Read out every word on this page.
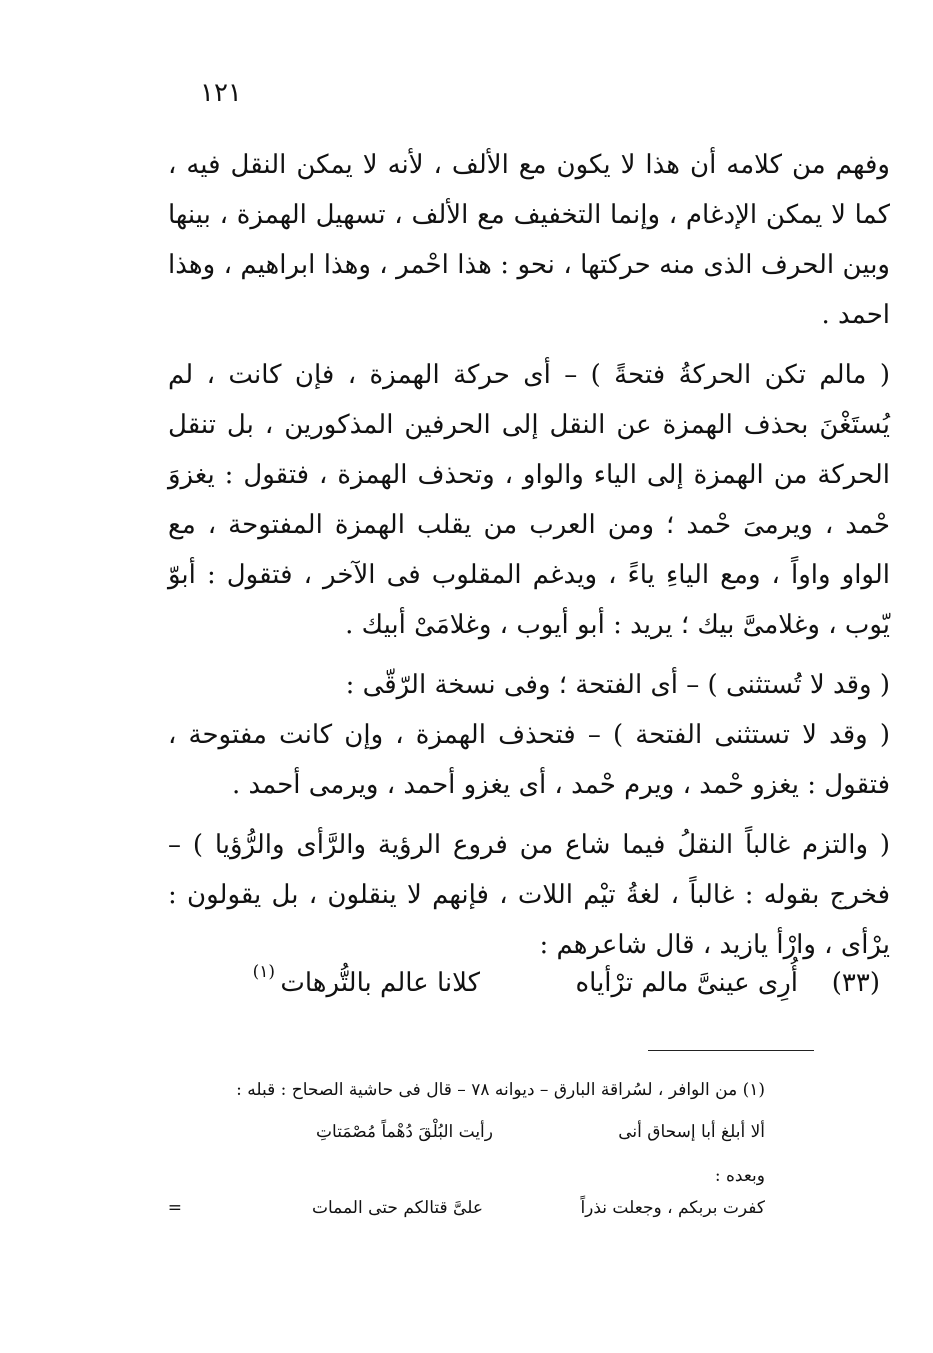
١٢١

وفهم من كلامه أن هذا لا يكون مع الألف ، لأنه لا يمكن النقل فيه ، كما لا يمكن الإدغام ، وإنما التخفيف مع الألف ، تسهيل الهمزة ، بينها وبين الحرف الذى منه حركتها ، نحو : هذا احْمر ، وهذا ابراهيم ، وهذا احمد .

( مالم تكن الحركةُ فتحةً ) – أى حركة الهمزة ، فإن كانت ، لم يُستَغْنَ بحذف الهمزة عن النقل إلى الحرفين المذكورين ، بل تنقل الحركة من الهمزة إلى الياء والواو ، وتحذف الهمزة ، فتقول : يغزوَ حْمد ، ويرمىَ حْمد ؛ ومن العرب من يقلب الهمزة المفتوحة ، مع الواو واواً ، ومع الياءِ ياءً ، ويدغم المقلوب فى الآخر ، فتقول : أبوّ يّوب ، وغلامىَّ بيك ؛ يريد : أبو أيوب ، وغلامَىْ أبيك .

( وقد لا تُستثنى ) – أى الفتحة ؛ وفى نسخة الرّقّى :

( وقد لا تستثنى الفتحة ) – فتحذف الهمزة ، وإن كانت مفتوحة ، فتقول : يغزو حْمد ، ويرم حْمد ، أى يغزو أحمد ، ويرمى أحمد .

( والتزم غالباً النقلُ فيما شاع من فروع الرؤية والرَّأى والرُّؤيا ) – فخرج بقوله : غالباً ، لغةُ تيْم اللات ، فإنهم لا ينقلون ، بل يقولون : يرْأى ، وارْأ يازيد ، قال شاعرهم :

(٣٣)
أُرِى عينىَّ مالم ترْأياه
كلانا عالم بالتُّرهات
(١)
(١) من الوافر ، لسُراقة البارق – ديوانه ٧٨ – قال فى حاشية الصحاح : قبله :
ألا أبلغ أبا إسحاق أنى
رأيت البُلْقَ دُهْماً مُصْمَتاتِ
وبعده :
كفرت بربكم ، وجعلت نذراً
علىَّ قتالكم حتى الممات
=
